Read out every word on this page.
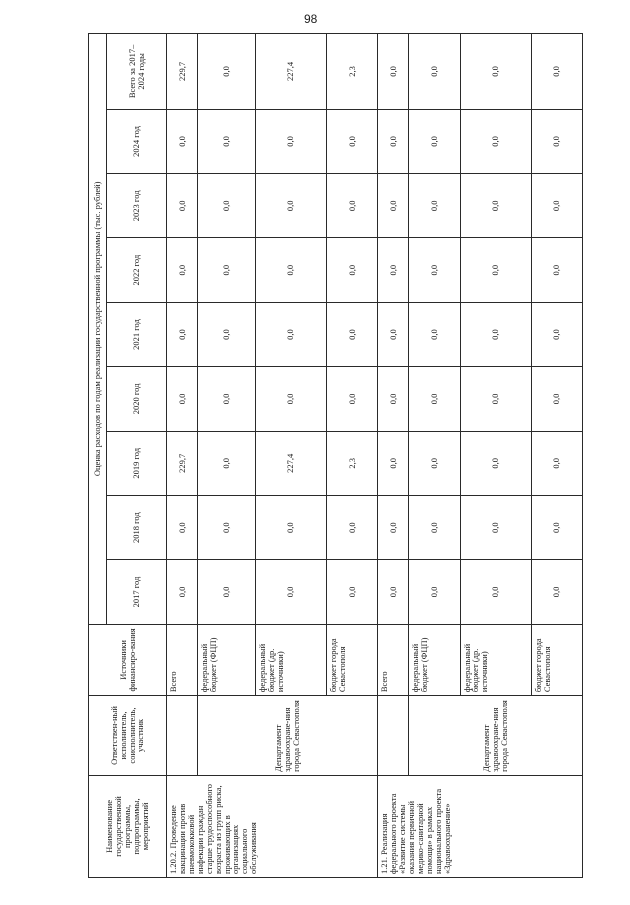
98
Наименование государственной программы, подпрограммы, мероприятий	Ответствен-ный исполнитель, соисполнитель, участник	Источники финансиро-вания	Оценка расходов по годам реализации государственной программы (тыс. рублей)								
			2017 год	2018 год	2019 год	2020 год	2021 год	2022 год	2023 год	2024 год	Всего за 2017–2024 годы
1.20.2. Проведение вакцинации против пневмококковой инфекции граждан старше трудоспособного возраста из групп риска, проживающих в организациях социального обслуживания		Всего	0,0	0,0	229,7	0,0	0,0	0,0	0,0	0,0	229,7
	Департамент здравоохране-ния города Севастополя	федеральный бюджет (ФЦП)	0,0	0,0	0,0	0,0	0,0	0,0	0,0	0,0	0,0
		федеральный бюджет (др. источники)	0,0	0,0	227,4	0,0	0,0	0,0	0,0	0,0	227,4
		бюджет города Севастополя	0,0	0,0	2,3	0,0	0,0	0,0	0,0	0,0	2,3
1.21. Реализация федерального проекта «Развитие системы оказания первичной медико-санитарной помощи» в рамках национального проекта «Здравоохранение»		Всего	0,0	0,0	0,0	0,0	0,0	0,0	0,0	0,0	0,0
	Департамент здравоохране-ния города Севастополя	федеральный бюджет (ФЦП)	0,0	0,0	0,0	0,0	0,0	0,0	0,0	0,0	0,0
		федеральный бюджет (др. источники)	0,0	0,0	0,0	0,0	0,0	0,0	0,0	0,0	0,0
		бюджет города Севастополя	0,0	0,0	0,0	0,0	0,0	0,0	0,0	0,0	0,0
